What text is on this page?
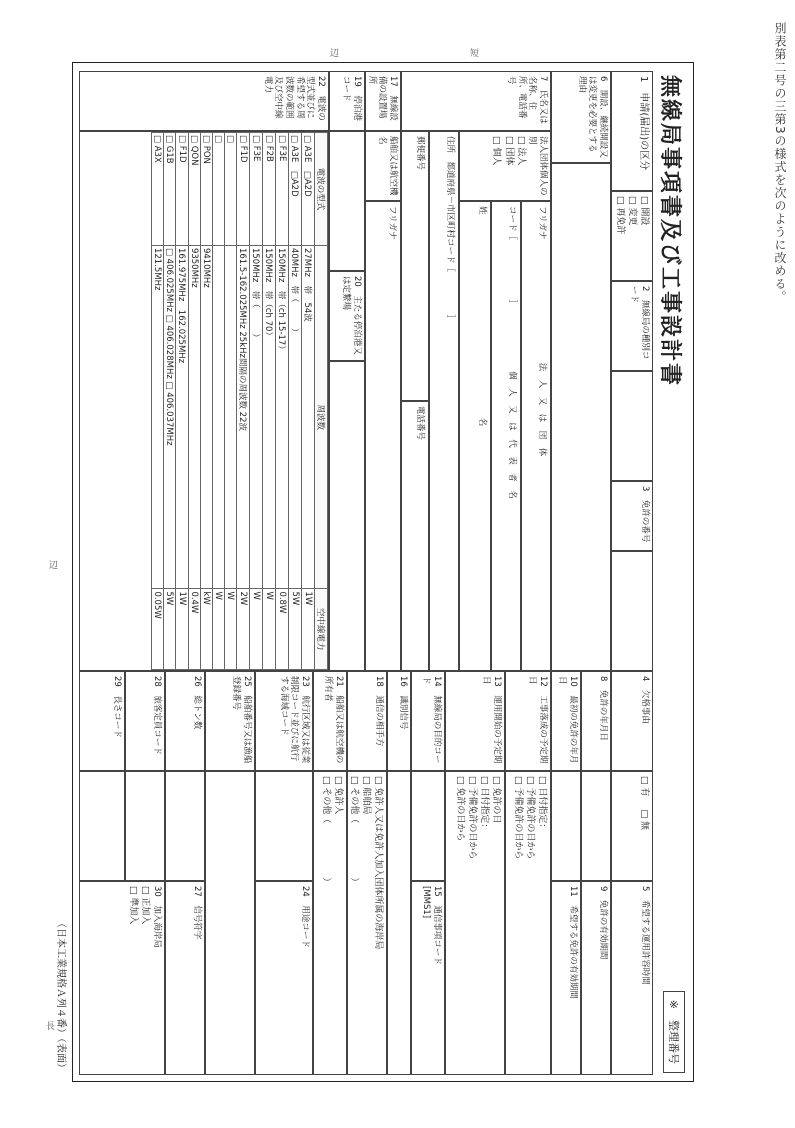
別表第二号の三第3の様式を次のように改める。
辺	短
長
辺
無線局事項書及び工事設計書
※　整理番号
1　申請(届出)の区分
□ 開設
□ 変更
□ 再免許
2　無線局の種別コード
3　免許の番号
6　開設、継続開設又は変更を必要とする理由
7　氏名又は名称、住所、電話番号
法人団体個人の別
□ 法人
□ 団体
□ 個人
フリガナ 法　人　又　は　団　体
コード［　　　　　　　］ 個　人　又　は　代　表　者　名
姓 名
住所　都道府県－市区町村コード［　　　　　］
郵便番号
電話番号
17　無線設備の設置場所
船舶又は航空機名
フリガナ
19　停泊港コード
20　主たる停泊港又は定繋場
22　電波の型式並びに希望する周波数の範囲及び空中線電力
電波の型式	周波数	空中線電力
□ A3E　□A2D	27MHz　帯　54波	1W
□ A3E　□A2D	40MHz　帯（　　　）	5W
□ F3E	150MHz　帯（ch 15-17）	0.8W
□ F2B	150MHz　帯（ch 70）	W
□ F3E	150MHz　帯（　　　）	W
□ F1D	161.5-162.025MHz 25kHz間隔の周波数 22波	2W
□		W
□		W
□ PON	9410MHz	kW
□ QON	9350MHz	0.4W
□ F1D	161.975MHz　162.025MHz	1W
□ G1B	□ 406.025MHz □ 406.028MHz □ 406.037MHz	5W
□ A3X	121.5MHz	0.05W
4　欠格事由
□ 有 □ 無
5　希望する運用許容時間
8　免許の年月日
9　免許の有効期間
10　最初の免許の年月日
11　希望する免許の有効期間
12　工事落成の予定期日
□ 日付指定：
□ 予備免許の日から
□ 予備免許の日から
13　運用開始の予定期日
□ 免許の日
□ 日付指定：
□ 予備免許の日から
□ 免許の日から
14　無線局の目的コード
15　通信事項コード
[MMS1]
16　識別信号
18　通信の相手方
□ 免許人又は免許人加入団体所属の海岸局
□ 船舶局
□ その他（　　　　　　）
21　船舶又は航空機の所有者
□ 免許人
□ その他（　　　　　　）
23　航行区域又は従業制限コード並びに航行する海域コード
24　用途コード
25　船舶番号又は漁船登録番号
26　総トン数
27　信号符字
28　旅客定員コード
30　加入海岸局
□ 正加入
□ 準加入
29　長さコード
（日本工業規格Ａ列４番）（表面）
